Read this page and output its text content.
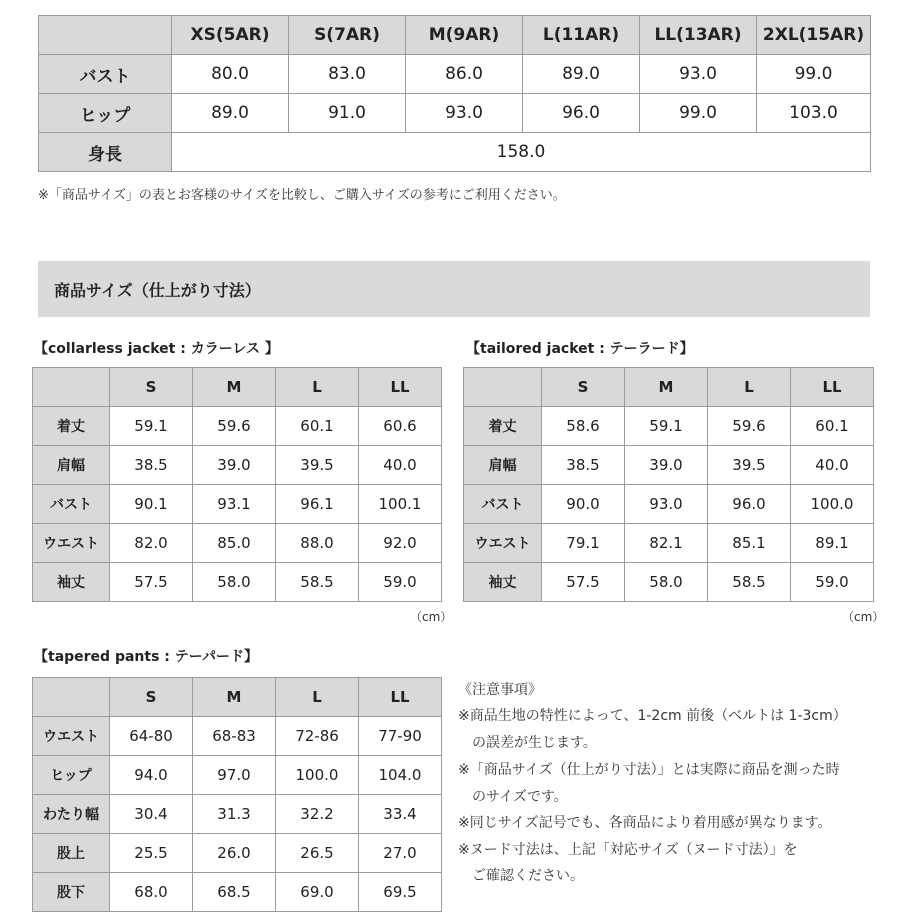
	XS(5AR)	S(7AR)	M(9AR)	L(11AR)	LL(13AR)	2XL(15AR)
バスト	80.0	83.0	86.0	89.0	93.0	99.0
ヒップ	89.0	91.0	93.0	96.0	99.0	103.0
身長	158.0					
※「商品サイズ」の表とお客様のサイズを比較し、ご購入サイズの参考にご利用ください。
商品サイズ（仕上がり寸法）
【collarless jacket : カラーレス 】
	S	M	L	LL
着丈	59.1	59.6	60.1	60.6
肩幅	38.5	39.0	39.5	40.0
バスト	90.1	93.1	96.1	100.1
ウエスト	82.0	85.0	88.0	92.0
袖丈	57.5	58.0	58.5	59.0
（cm）
【tailored jacket : テーラード】
	S	M	L	LL
着丈	58.6	59.1	59.6	60.1
肩幅	38.5	39.0	39.5	40.0
バスト	90.0	93.0	96.0	100.0
ウエスト	79.1	82.1	85.1	89.1
袖丈	57.5	58.0	58.5	59.0
（cm）
【tapered pants : テーパード】
	S	M	L	LL
ウエスト	64-80	68-83	72-86	77-90
ヒップ	94.0	97.0	100.0	104.0
わたり幅	30.4	31.3	32.2	33.4
股上	25.5	26.0	26.5	27.0
股下	68.0	68.5	69.0	69.5
《注意事項》
※商品生地の特性によって、1-2cm 前後（ベルトは 1-3cm）
　の誤差が生じます。
※「商品サイズ（仕上がり寸法）」とは実際に商品を測った時
　のサイズです。
※同じサイズ記号でも、各商品により着用感が異なります。
※ヌード寸法は、上記「対応サイズ（ヌード寸法）」を
　ご確認ください。
